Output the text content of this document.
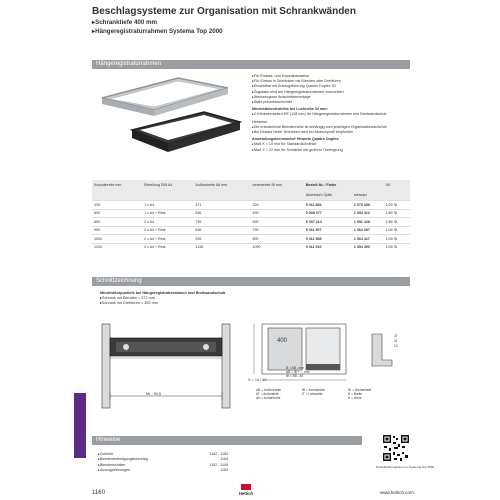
Beschlagsysteme zur Organisation mit Schrankwänden
▸ Schranktiefe 400 mm
▸ Hängeregistraturrahmen Systema Top 2000
Hängeregistraturrahmen
▸ Für Einlass- und Korpusbauweise
▸ Für Einbau in Schränken mit Blenden oder Drehtüren
▸ Einsetzbar mit Auszugsführung Quadro Duplex 30
▸ Zugstabe sind am Hängeregistraturrahmen vormontiert
▸ Werkzeuglose Aufschiebemontage
▸ Stahl pulverbeschichtet
Mindestblendenhöhe bei Lochreihe 32 mm:
▸ 2 Höheneinheiten HE (128 mm) für Hängeregistraturrahmen und Breitwandschub
Hinweise:
▸ Die erforderliche Blendenhöhe ist abhängig vom jeweiligen Organisationszubehör
▸ Bei Einsatz hinter Drehtüren wird ein Abdeckprofil empfohlen
Anwendungstechnischer Hinweis Quadro Duplex:
▸ Maß X = 10 mm für Standardschränke
▸ Maß X = 22 mm für Schränke mit großem Türeingrung
Korpusbreite mm	Einteilung DIN A4	Außenbreite A8 mm	Innenbreite IB mm	Bestell-Nr. / Farbe		VE
				Aluminium Optik	schwarz	
435	1 x A4	371	325	9 011 894	1 073 339	1/20 St.
600	1 x A4 + Rest	536	490	9 008 077	1 054 412	1/80 St.
800	2 x A4	736	690	9 007 214	1 051 428	1/80 St.
900	2 x A4 + Rest	836	790	9 011 907	1 064 097	1/40 St.
1000	2 x A4 + Rest	936	890	9 011 908	1 064 417	1/40 St.
1200	3 x A4 + Rest	1136	1090	9 011 910	1 054 390	1/40 St.
Schnittzeichnung
Mindestkorpustiefe bei Hängeregistraturrahmen und Breitwandschub
▸ Schrank mit Blenden = 372 mm
▸ Schrank mit Drehtüren = 392 mm
MI - 92,5
400
B = AB - mm
AB = IB + ... mm
IB = AB - 46
X = 14 / 19
47
31
13
AB = Außenbreite	IB = Innenbreite	DI = Drehentiefe
AT = Außentiefe	IT = Lichtweite	B = Breite
AH = Außenhöhe	H = Höhe
Hinweise
▸ Zubehör	1182 - 1183
▸ Blendenbefestigungsbeschlag	1164
▸ Blendenschalen	1102 - 1105
▸ Auszugsführungen	1163
Produktinformationen zu Systema Top 2000
1160	Hettich	www.hettich.com
